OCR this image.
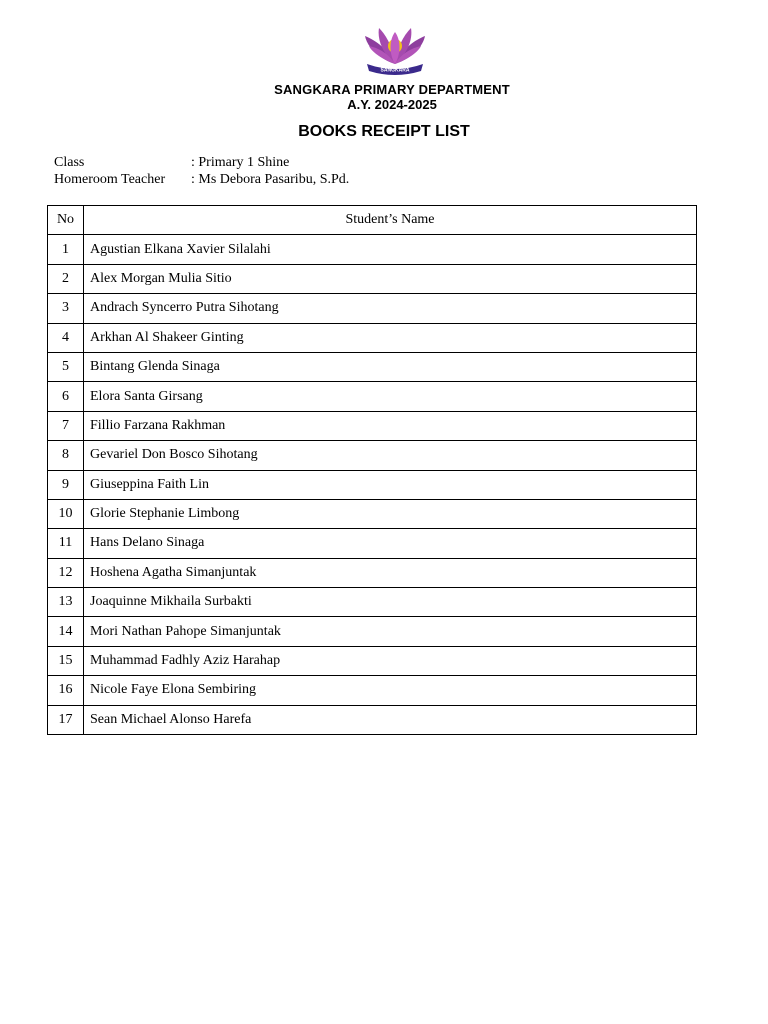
SANGKARA
SANGKARA PRIMARY DEPARTMENT
A.Y. 2024-2025
BOOKS RECEIPT LIST
Class	: Primary 1 Shine
Homeroom Teacher	: Ms Debora Pasaribu, S.Pd.
No	Student’s Name
1	Agustian Elkana Xavier Silalahi
2	Alex Morgan Mulia Sitio
3	Andrach Syncerro Putra Sihotang
4	Arkhan Al Shakeer Ginting
5	Bintang Glenda Sinaga
6	Elora Santa Girsang
7	Fillio Farzana Rakhman
8	Gevariel Don Bosco Sihotang
9	Giuseppina Faith Lin
10	Glorie Stephanie Limbong
11	Hans Delano Sinaga
12	Hoshena Agatha Simanjuntak
13	Joaquinne Mikhaila Surbakti
14	Mori Nathan Pahope Simanjuntak
15	Muhammad Fadhly Aziz Harahap
16	Nicole Faye Elona Sembiring
17	Sean Michael Alonso Harefa
